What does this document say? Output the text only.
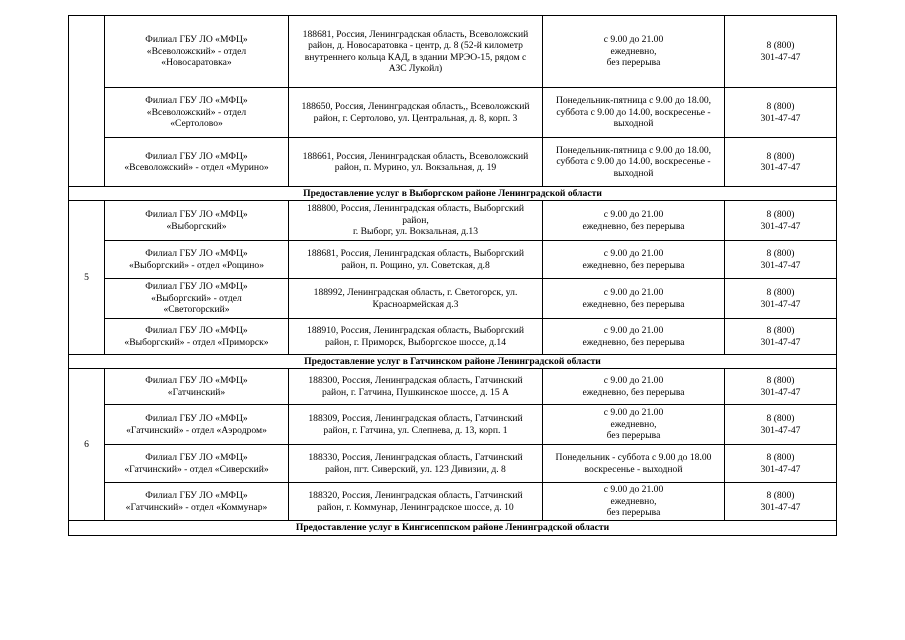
	Филиал ГБУ ЛО «МФЦ»
«Всеволожский» - отдел
«Новосаратовка»	188681, Россия, Ленинградская область, Всеволожский
район, д. Новосаратовка - центр, д. 8 (52-й километр
внутреннего кольца КАД, в здании МРЭО-15, рядом с
АЗС Лукойл)	с 9.00 до 21.00
ежедневно,
без перерыва	8 (800)
301-47-47

	Филиал ГБУ ЛО «МФЦ»
«Всеволожский» - отдел
«Сертолово»	188650, Россия, Ленинградская область,, Всеволожский
район, г. Сертолово, ул. Центральная, д. 8, корп. 3	Понедельник-пятница с 9.00 до 18.00,
суббота с 9.00 до 14.00, воскресенье -
выходной	8 (800)
301-47-47

	Филиал ГБУ ЛО «МФЦ»
«Всеволожский» - отдел «Мурино»	188661, Россия, Ленинградская область, Всеволожский
район, п. Мурино, ул. Вокзальная, д. 19	Понедельник-пятница с 9.00 до 18.00,
суббота с 9.00 до 14.00, воскресенье -
выходной	8 (800)
301-47-47

Предоставление услуг в Выборгском районе Ленинградской области				
5	Филиал ГБУ ЛО «МФЦ»
«Выборгский»	188800, Россия, Ленинградская область, Выборгский
район,
г. Выборг, ул. Вокзальная, д.13	с 9.00 до 21.00
ежедневно, без перерыва	8 (800)
301-47-47

	Филиал ГБУ ЛО «МФЦ»
«Выборгский» - отдел «Рощино»	188681, Россия, Ленинградская область, Выборгский
район, п. Рощино, ул. Советская, д.8	с 9.00 до 21.00
ежедневно, без перерыва	8 (800)
301-47-47

	Филиал ГБУ ЛО «МФЦ»
«Выборгский» - отдел
«Светогорский»	188992, Ленинградская область, г. Светогорск, ул.
Красноармейская д.3	с 9.00 до 21.00
ежедневно, без перерыва	8 (800)
301-47-47

	Филиал ГБУ ЛО «МФЦ»
«Выборгский» - отдел «Приморск»	188910, Россия, Ленинградская область, Выборгский
район, г. Приморск, Выборгское шоссе, д.14	с 9.00 до 21.00
ежедневно, без перерыва	8 (800)
301-47-47

Предоставление услуг в Гатчинском районе Ленинградской области				
6	Филиал ГБУ ЛО «МФЦ»
«Гатчинский»	188300, Россия, Ленинградская область, Гатчинский
район, г. Гатчина, Пушкинское шоссе, д. 15 А	с 9.00 до 21.00
ежедневно, без перерыва	8 (800)
301-47-47

	Филиал ГБУ ЛО «МФЦ»
«Гатчинский» - отдел «Аэродром»	188309, Россия, Ленинградская область, Гатчинский
район, г. Гатчина, ул. Слепнева, д. 13, корп. 1	с 9.00 до 21.00
ежедневно,
без перерыва	8 (800)
301-47-47

	Филиал ГБУ ЛО «МФЦ»
«Гатчинский» - отдел «Сиверский»	188330, Россия, Ленинградская область, Гатчинский
район, пгт. Сиверский, ул. 123 Дивизии, д. 8	Понедельник - суббота с 9.00 до 18.00
воскресенье - выходной	8 (800)
301-47-47

	Филиал ГБУ ЛО «МФЦ»
«Гатчинский» - отдел «Коммунар»	188320, Россия, Ленинградская область, Гатчинский
район, г. Коммунар, Ленинградское шоссе, д. 10	с 9.00 до 21.00
ежедневно,
без перерыва	8 (800)
301-47-47

Предоставление услуг в Кингисеппском районе Ленинградской области				
